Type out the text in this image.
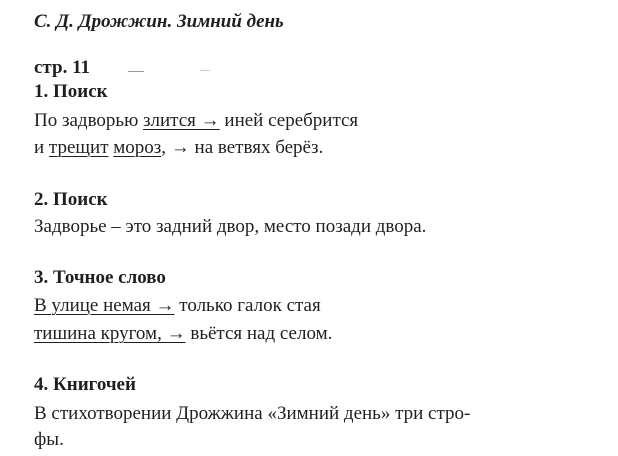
С. Д. Дрожжин. Зимний день
стр. 11
1. Поиск
По задворью злится → иней серебрится
и трещит мороз, → на ветвях берёз.
2. Поиск
Задворье – это задний двор, место позади двора.
3. Точное слово
В улице немая → только галок стая
тишина кругом, → вьётся над селом.
4. Книгочей
В стихотворении Дрожжина «Зимний день» три стро-
фы.
